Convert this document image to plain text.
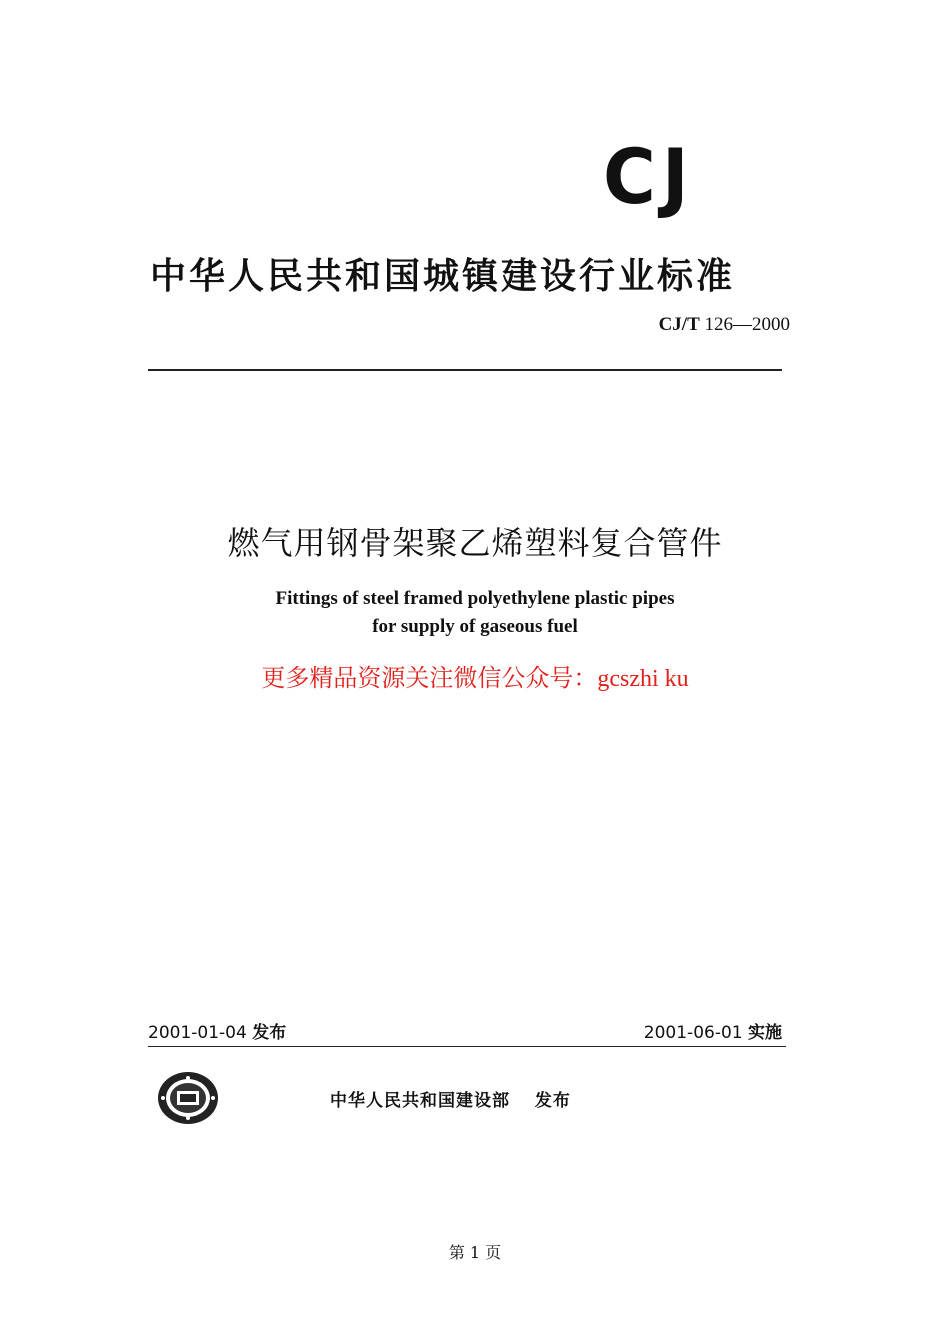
CJ
中华人民共和国城镇建设行业标准
CJ/T 126—2000
燃气用钢骨架聚乙烯塑料复合管件
Fittings of steel framed polyethylene plastic pipes
for supply of gaseous fuel
更多精品资源关注微信公众号：gcszhi ku
2001-01-04 发布	2001-06-01 实施
中华人民共和国建设部 发布
第 1 页
